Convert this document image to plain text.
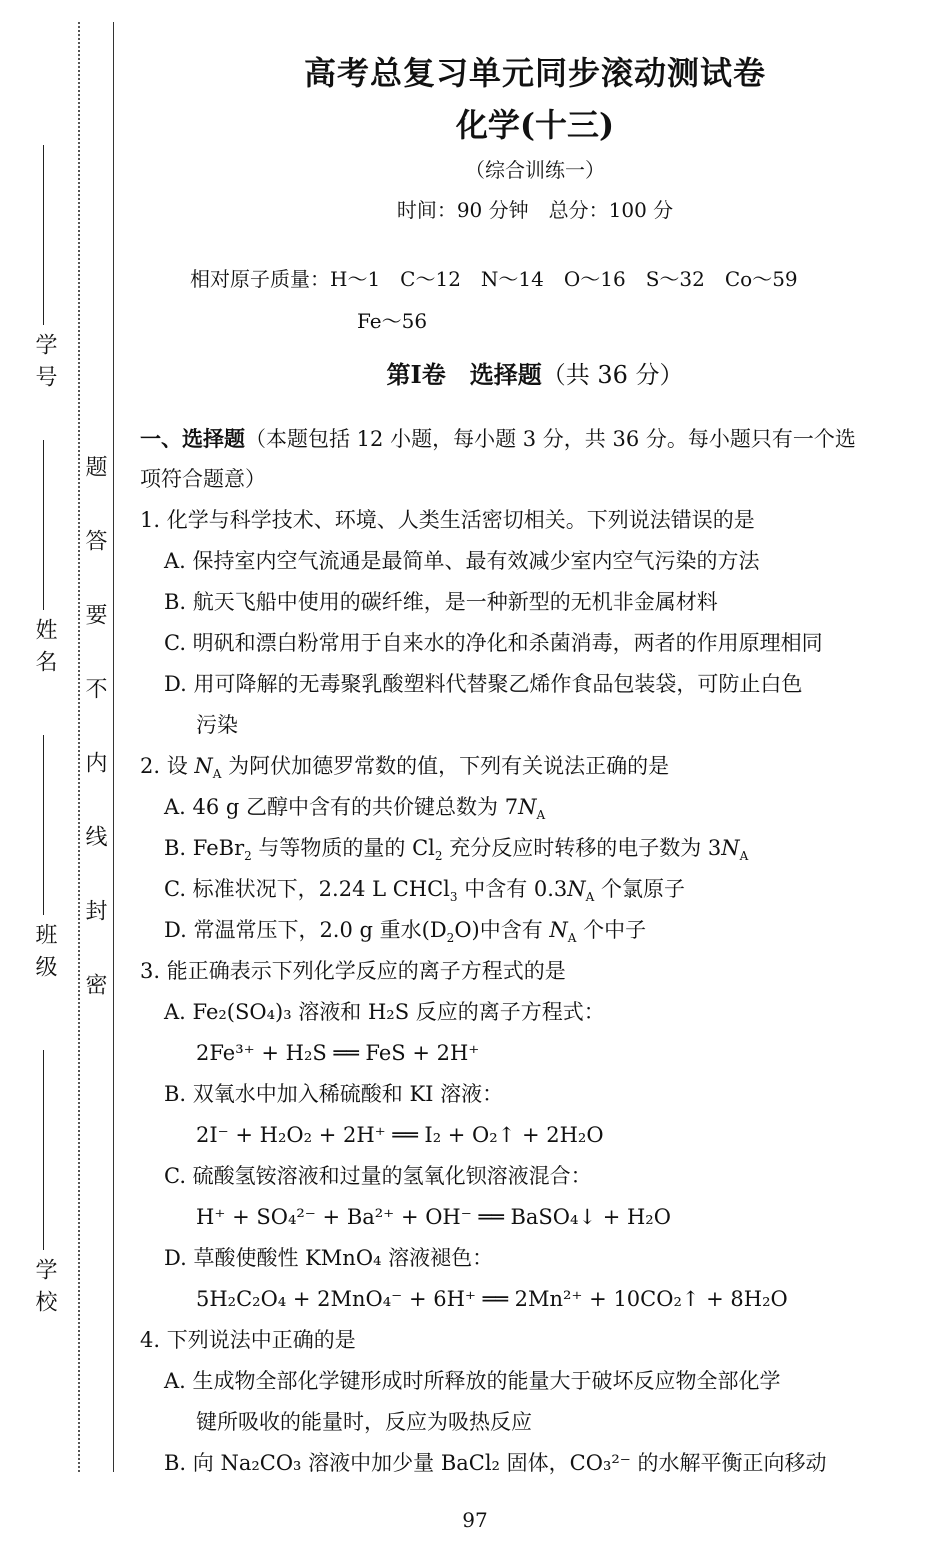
学号
姓名
班级
学校
题
答
要
不
内
线
封
密
高考总复习单元同步滚动测试卷
化学(十三)
（综合训练一）
时间：90 分钟　总分：100 分
相对原子质量：H～1　C～12　N～14　O～16　S～32　Co～59
Fe～56
第Ⅰ卷　选择题（共 36 分）
一、选择题（本题包括 12 小题，每小题 3 分，共 36 分。每小题只有一个选
项符合题意）
1. 化学与科学技术、环境、人类生活密切相关。下列说法错误的是
A. 保持室内空气流通是最简单、最有效减少室内空气污染的方法
B. 航天飞船中使用的碳纤维，是一种新型的无机非金属材料
C. 明矾和漂白粉常用于自来水的净化和杀菌消毒，两者的作用原理相同
D. 用可降解的无毒聚乳酸塑料代替聚乙烯作食品包装袋，可防止白色
污染
2. 设 $N_A$ 为阿伏加德罗常数的值，下列有关说法正确的是
A. 46 g 乙醇中含有的共价键总数为 $7N_A$
B. FeBr$_2$ 与等物质的量的 $Cl_2$ 充分反应时转移的电子数为 $3N_A$
C. 标准状况下，2.24 L CHCl$_3$ 中含有 $0.3N_A$ 个氯原子
D. 常温常压下，2.0 g 重水$(D_2O)$中含有 $N_A$ 个中子
3. 能正确表示下列化学反应的离子方程式的是
A. Fe₂(SO₄)₃ 溶液和 H₂S 反应的离子方程式：
2Fe³⁺ + H₂S ══ FeS + 2H⁺
B. 双氧水中加入稀硫酸和 KI 溶液：
2I⁻ + H₂O₂ + 2H⁺ ══ I₂ + O₂↑ + 2H₂O
C. 硫酸氢铵溶液和过量的氢氧化钡溶液混合：
H⁺ + SO₄²⁻ + Ba²⁺ + OH⁻ ══ BaSO₄↓ + H₂O
D. 草酸使酸性 KMnO₄ 溶液褪色：
5H₂C₂O₄ + 2MnO₄⁻ + 6H⁺ ══ 2Mn²⁺ + 10CO₂↑ + 8H₂O
4. 下列说法中正确的是
A. 生成物全部化学键形成时所释放的能量大于破坏反应物全部化学
键所吸收的能量时，反应为吸热反应
B. 向 Na₂CO₃ 溶液中加少量 BaCl₂ 固体，CO₃²⁻ 的水解平衡正向移动
97
